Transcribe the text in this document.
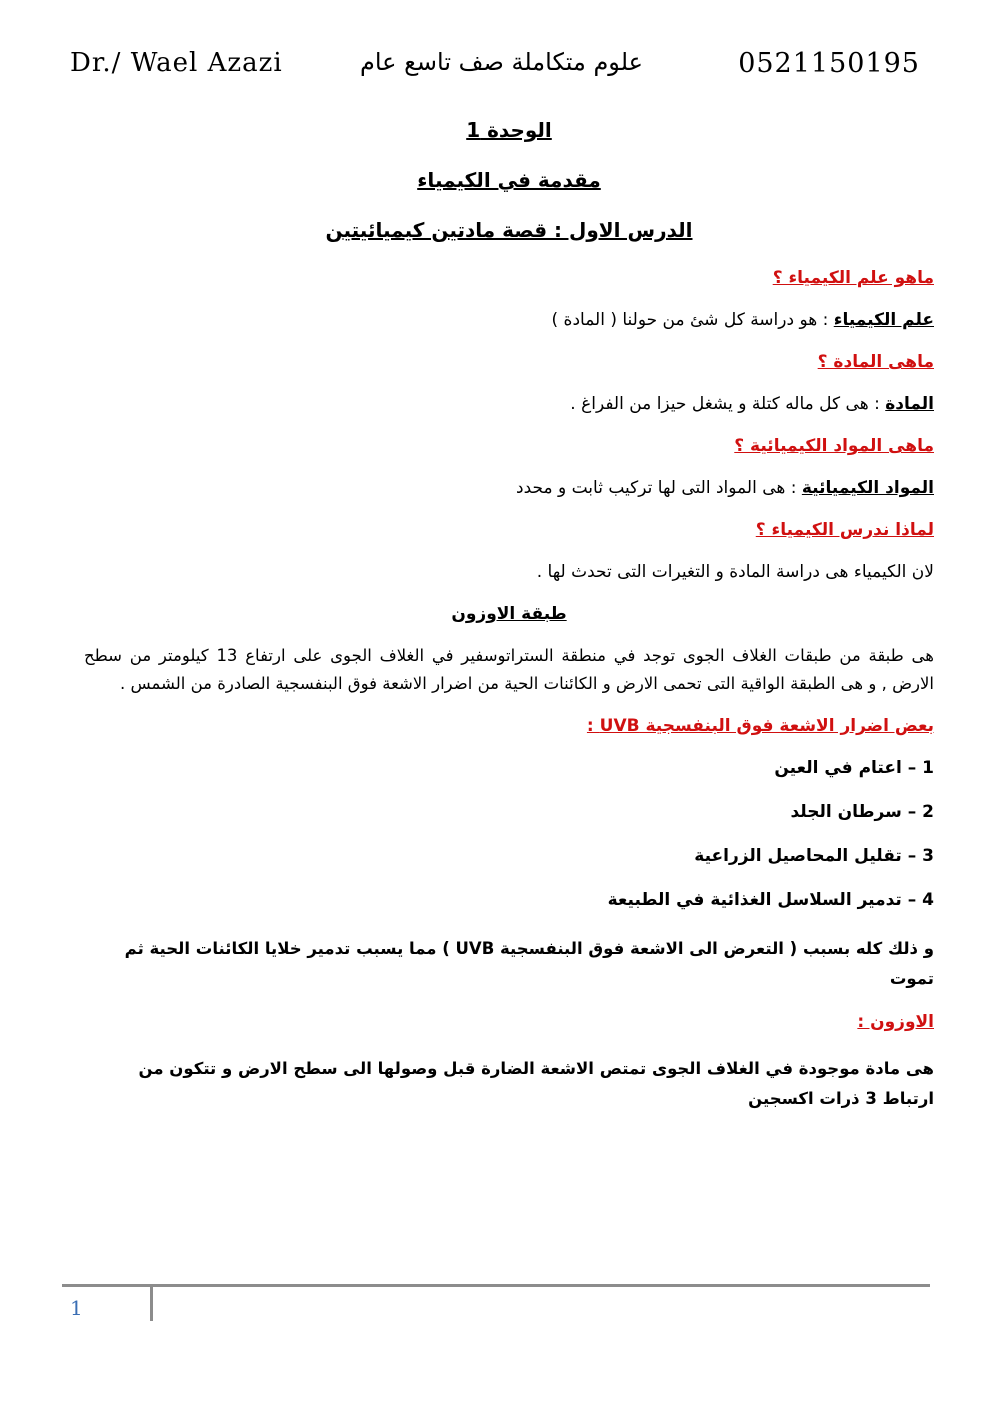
Dr./ Wael Azazi	علوم متكاملة صف تاسع عام	0521150195
الوحدة 1
مقدمة في الكيمياء
الدرس الاول : قصة مادتين كيميائيتين
ماهو علم الكيمياء ؟
علم الكيمياء : هو دراسة كل شئ من حولنا ( المادة )
ماهى المادة ؟
المادة : هى كل ماله كتلة و يشغل حيزا من الفراغ .
ماهى المواد الكيميائية ؟
المواد الكيميائية : هى المواد التى لها تركيب ثابت و محدد
لماذا ندرس الكيمياء ؟
لان الكيمياء هى دراسة المادة و التغيرات التى تحدث لها .
طبقة الاوزون
هى طبقة من طبقات الغلاف الجوى توجد في منطقة الستراتوسفير في الغلاف الجوى على ارتفاع 13 كيلومتر من سطح الارض , و هى الطبقة الواقية التى تحمى الارض و الكائنات الحية من اضرار الاشعة فوق البنفسجية الصادرة من الشمس .
بعض اضرار الاشعة فوق البنفسجية UVB :
1 – اعتام في العين
2 – سرطان الجلد
3 – تقليل المحاصيل الزراعية
4 – تدمير السلاسل الغذائية في الطبيعة
و ذلك كله بسبب ( التعرض الى الاشعة فوق البنفسجية UVB ) مما يسبب تدمير خلايا الكائنات الحية ثم تموت
الاوزون :
هى مادة موجودة في الغلاف الجوى تمتص الاشعة الضارة قبل وصولها الى سطح الارض و تتكون من ارتباط 3 ذرات اكسجين
1
